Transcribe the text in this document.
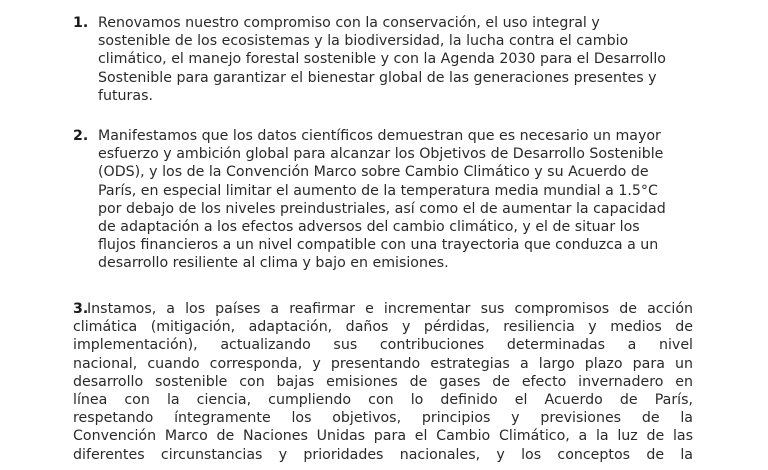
1. Renovamos nuestro compromiso con la conservación, el uso integral y
sostenible de los ecosistemas y la biodiversidad, la lucha contra el cambio
climático, el manejo forestal sostenible y con la Agenda 2030 para el Desarrollo
Sostenible para garantizar el bienestar global de las generaciones presentes y
futuras.
2. Manifestamos que los datos científicos demuestran que es necesario un mayor
esfuerzo y ambición global para alcanzar los Objetivos de Desarrollo Sostenible
(ODS), y los de la Convención Marco sobre Cambio Climático y su Acuerdo de
París, en especial limitar el aumento de la temperatura media mundial a 1.5°C
por debajo de los niveles preindustriales, así como el de aumentar la capacidad
de adaptación a los efectos adversos del cambio climático, y el de situar los
flujos financieros a un nivel compatible con una trayectoria que conduzca a un
desarrollo resiliente al clima y bajo en emisiones.
3.
Instamos, a los países a reafirmar e incrementar sus compromisos de acción
climática (mitigación, adaptación, daños y pérdidas, resiliencia y medios de
implementación), actualizando sus contribuciones determinadas a nivel
nacional, cuando corresponda, y presentando estrategias a largo plazo para un
desarrollo sostenible con bajas emisiones de gases de efecto invernadero en
línea con la ciencia, cumpliendo con lo definido el Acuerdo de París,
respetando íntegramente los objetivos, principios y previsiones de la
Convención Marco de Naciones Unidas para el Cambio Climático, a la luz de las
diferentes circunstancias y prioridades nacionales, y los conceptos de la
